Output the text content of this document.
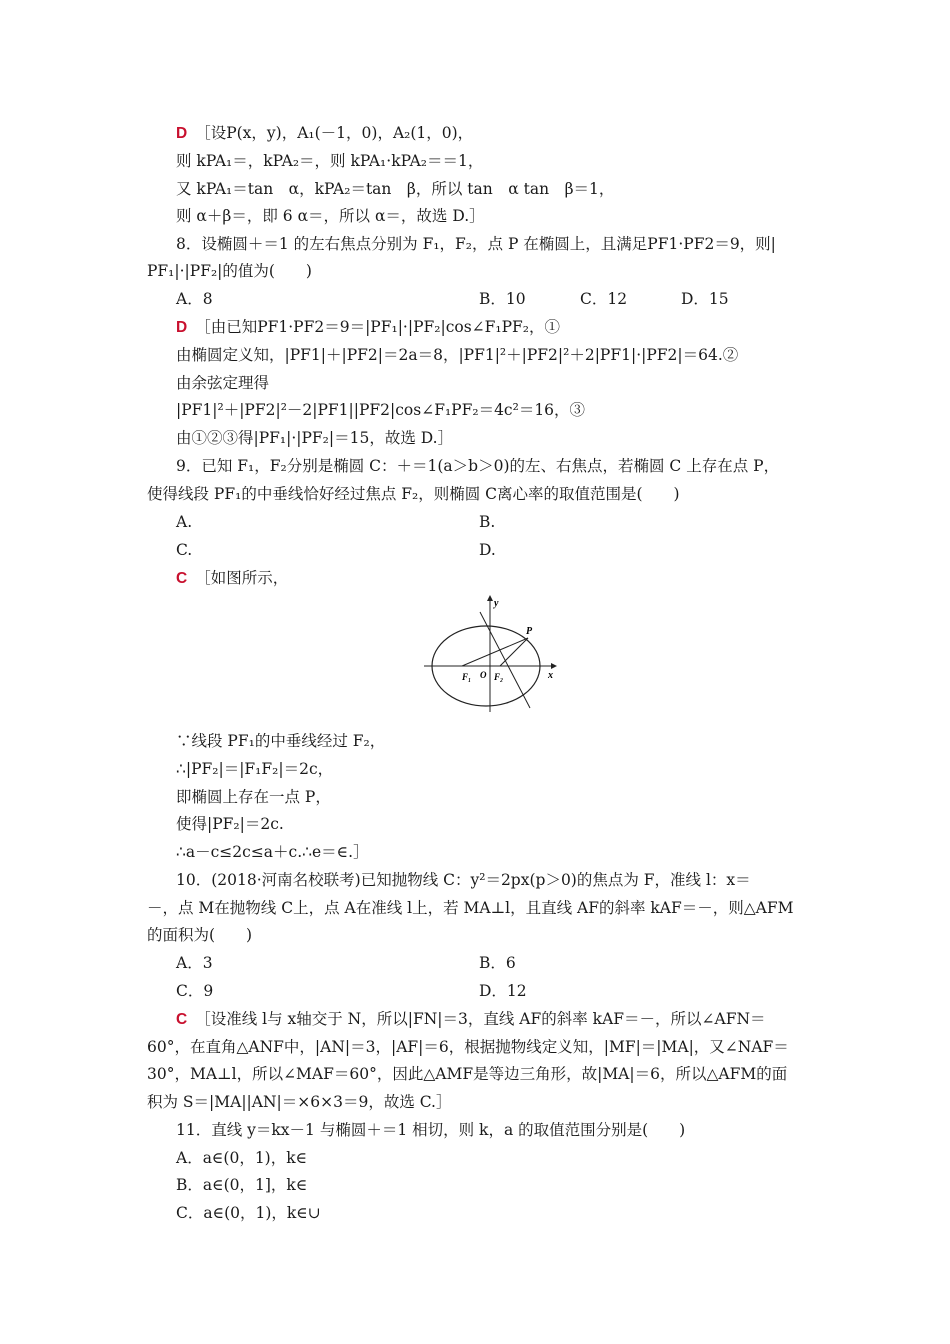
D ［设P(x，y)，A₁(－1，0)，A₂(1，0)，
则 kPA₁＝，kPA₂＝，则 kPA₁·kPA₂＝＝1，
又 kPA₁＝tan　α，kPA₂＝tan　β，所以 tan　α tan　β＝1，
则 α＋β＝，即 6 α＝，所以 α＝，故选 D.］
8．设椭圆＋＝1 的左右焦点分别为 F₁，F₂，点 P 在椭圆上，且满足PF1·PF2＝9，则|
PF₁|·|PF₂|的值为(　　)
A．8	B．10	C．12	D．15
D ［由已知PF1·PF2＝9＝|PF₁|·|PF₂|cos∠F₁PF₂，①
由椭圆定义知，|PF1|＋|PF2|＝2a＝8，|PF1|²＋|PF2|²＋2|PF1|·|PF2|＝64.②
由余弦定理得
|PF1|²＋|PF2|²－2|PF1||PF2|cos∠F₁PF₂＝4c²＝16，③
由①②③得|PF₁|·|PF₂|＝15，故选 D.］
9．已知 F₁，F₂分别是椭圆 C：＋＝1(a＞b＞0)的左、右焦点，若椭圆 C 上存在点 P，
使得线段 PF₁的中垂线恰好经过焦点 F₂，则椭圆 C离心率的取值范围是(　　)
A.	B.
C.	D.
C ［如图所示，
y
x
P
F₁ O F₂
∵线段 PF₁的中垂线经过 F₂，
∴|PF₂|＝|F₁F₂|＝2c，
即椭圆上存在一点 P，
使得|PF₂|＝2c.
∴a－c≤2c≤a＋c.∴e＝∈.］
10．(2018·河南名校联考)已知抛物线 C：y²＝2px(p＞0)的焦点为 F，准线 l：x＝
－，点 M在抛物线 C上，点 A在准线 l上，若 MA⊥l，且直线 AF的斜率 kAF＝－，则△AFM
的面积为(　　)
A．3	B．6
C．9	D．12
C ［设准线 l与 x轴交于 N，所以|FN|＝3，直线 AF的斜率 kAF＝－，所以∠AFN＝
60°，在直角△ANF中，|AN|＝3，|AF|＝6，根据抛物线定义知，|MF|＝|MA|，又∠NAF＝
30°，MA⊥l，所以∠MAF＝60°，因此△AMF是等边三角形，故|MA|＝6，所以△AFM的面
积为 S＝|MA||AN|＝×6×3＝9，故选 C.］
11．直线 y＝kx－1 与椭圆＋＝1 相切，则 k，a 的取值范围分别是(　　)
A．a∈(0，1)，k∈
B．a∈(0，1]，k∈
C．a∈(0，1)，k∈∪
